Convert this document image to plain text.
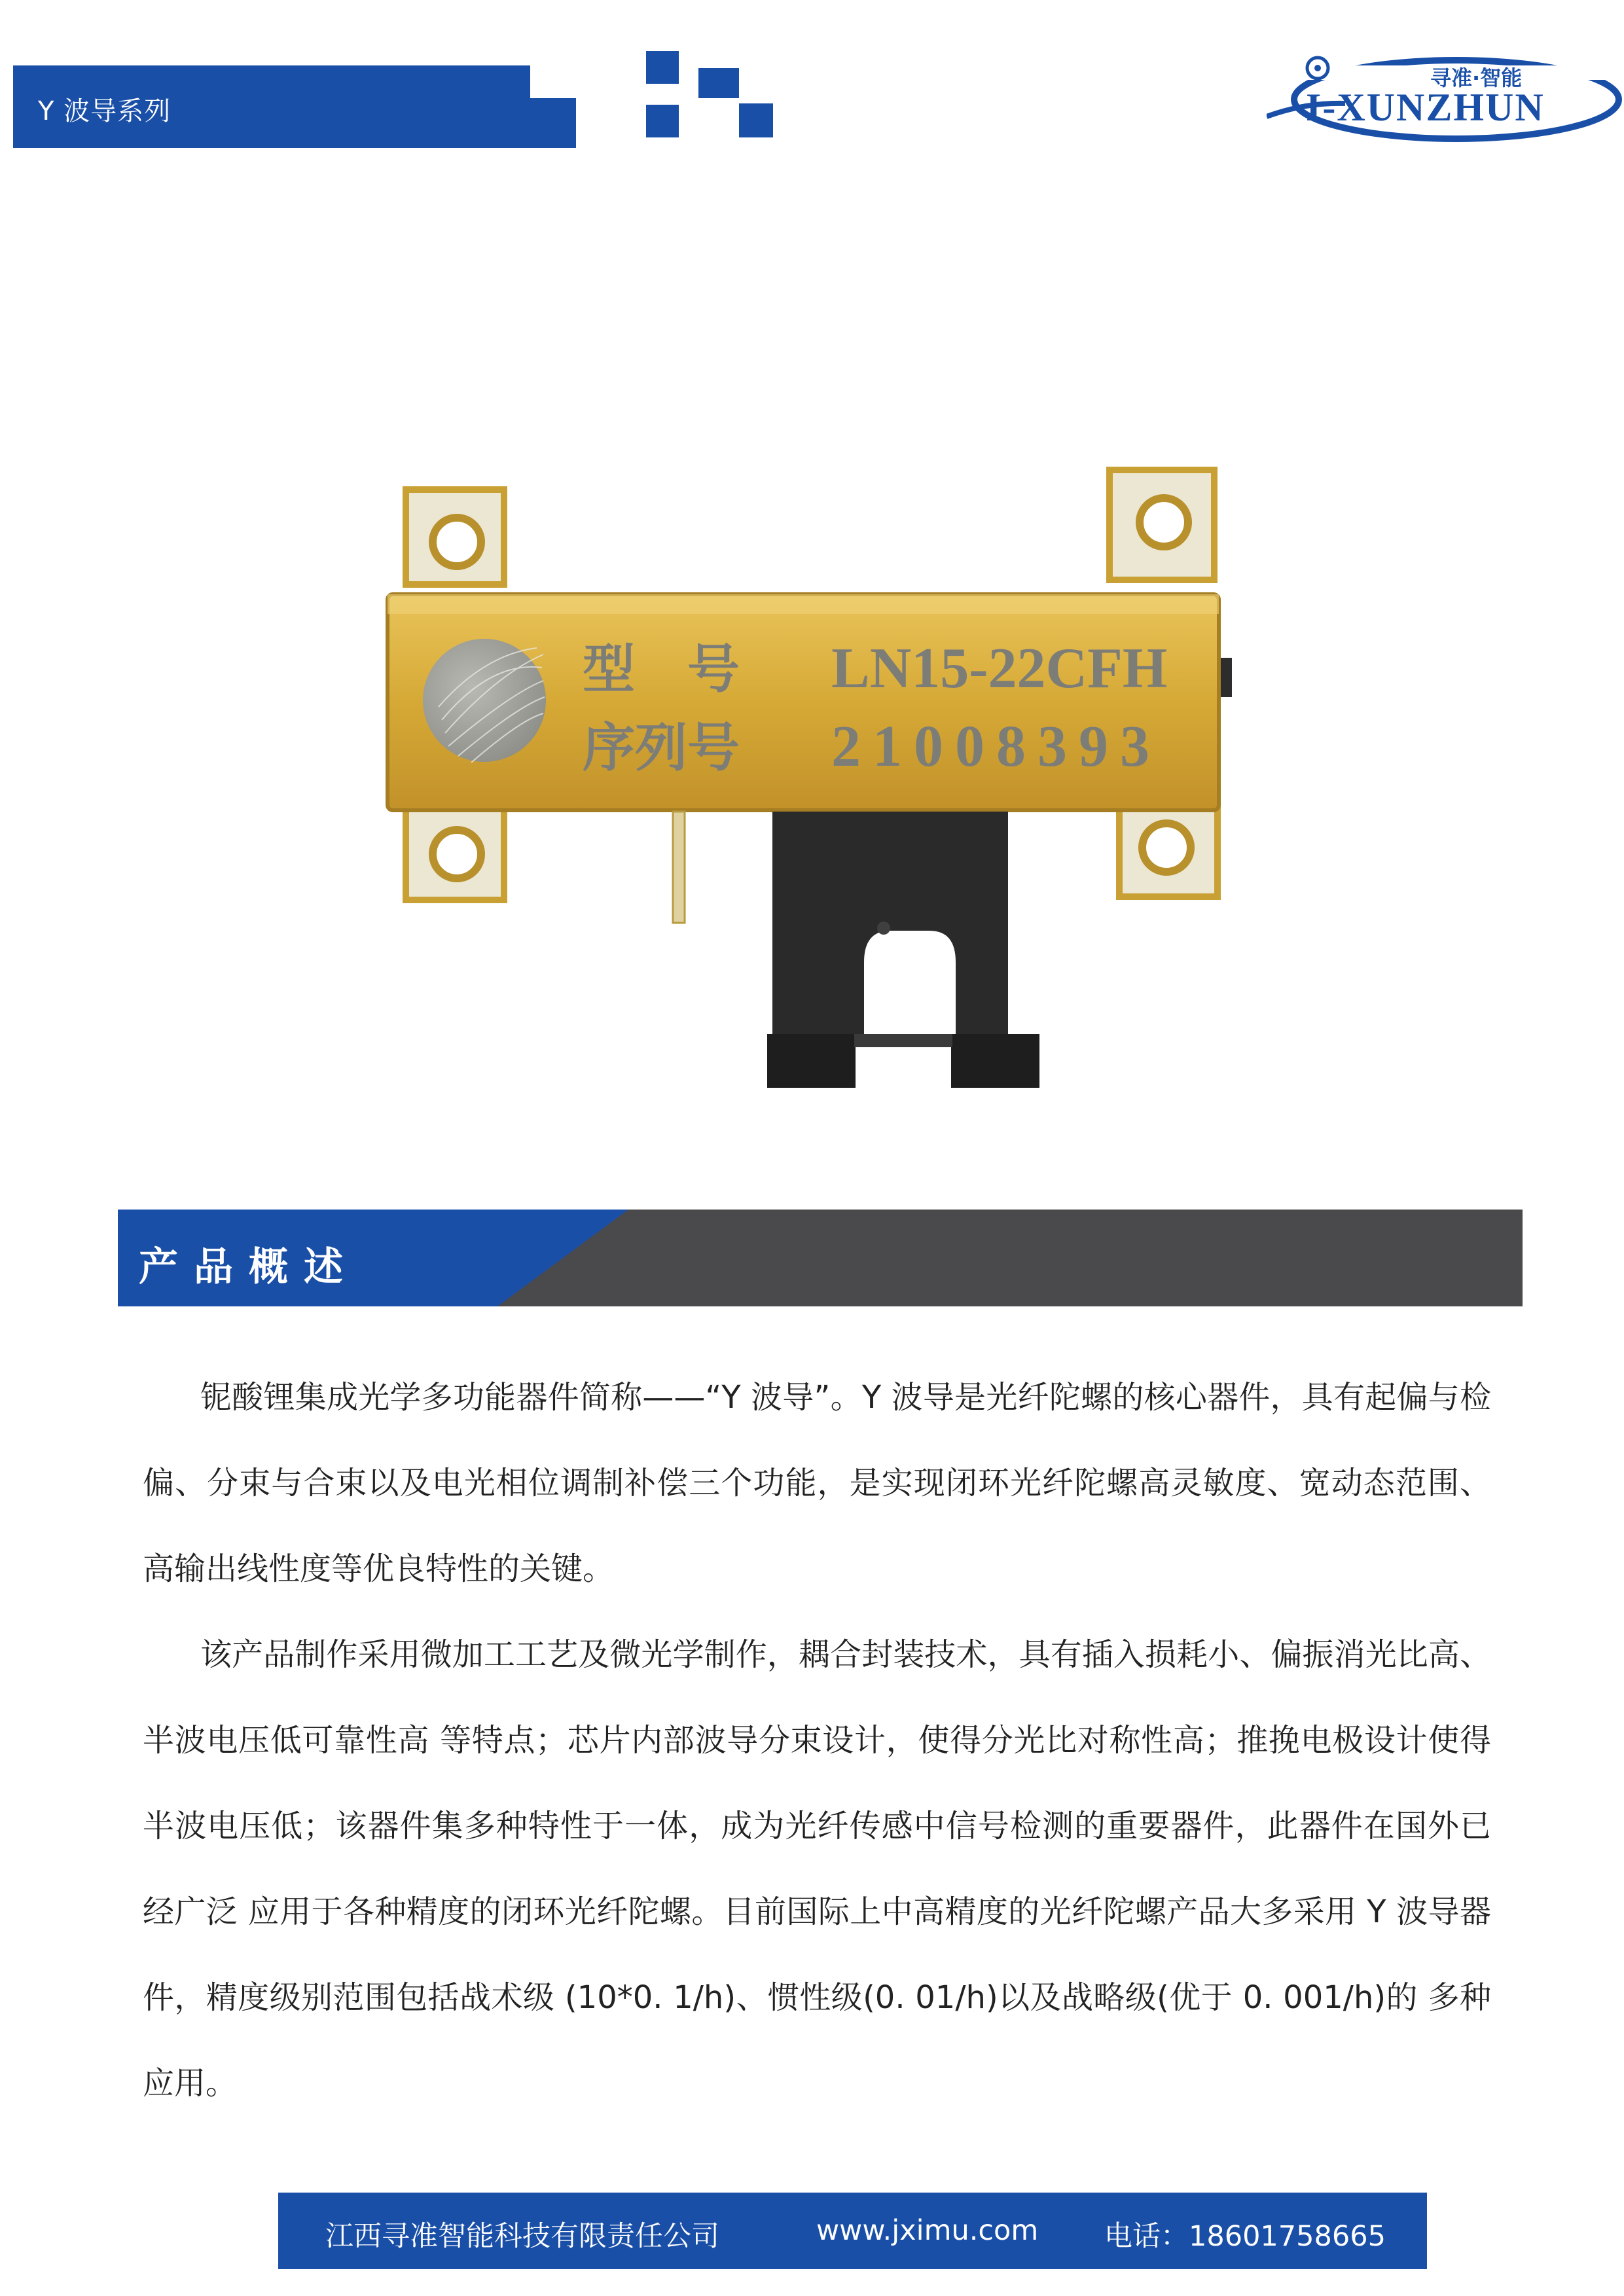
Y 波导系列
寻准·智能
I-XUNZHUN
型　号 LN15-22CFH
序列号 21008393
产品概述

铌酸锂集成光学多功能器件简称——“Y 波导”。Y 波导是光纤陀螺的核心器件，具有起偏与检偏、分束与合束以及电光相位调制补偿三个功能，是实现闭环光纤陀螺高灵敏度、宽动态范围、高输出线性度等优良特性的关键。

该产品制作采用微加工工艺及微光学制作，耦合封装技术，具有插入损耗小、偏振消光比高、半波电压低可靠性高 等特点；芯片内部波导分束设计，使得分光比对称性高；推挽电极设计使得半波电压低；该器件集多种特性于一体，成为光纤传感中信号检测的重要器件，此器件在国外已经广泛 应用于各种精度的闭环光纤陀螺。目前国际上中高精度的光纤陀螺产品大多采用 Y 波导器件，精度级别范围包括战术级 (10*0. 1/h)、惯性级(0. 01/h)以及战略级(优于 0. 001/h)的 多种应用。

江西寻准智能科技有限责任公司	www.jximu.com 电话：18601758665
